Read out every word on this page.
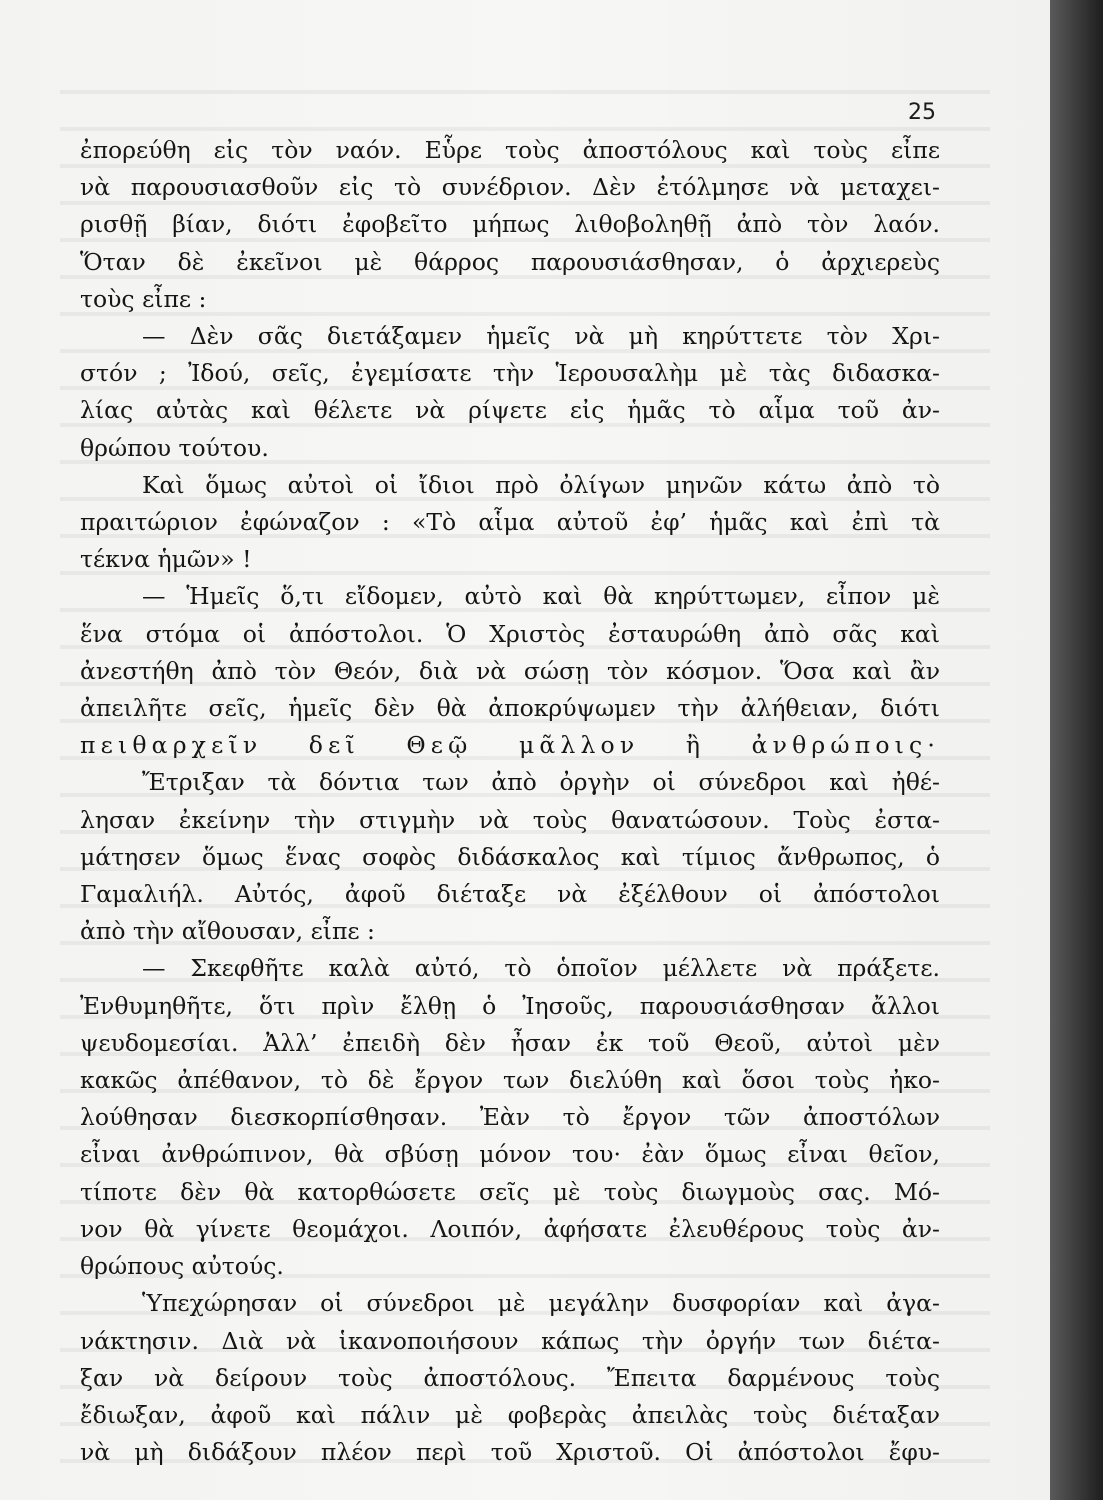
25
ἐπορεύθη εἰς τὸν ναόν. Εὗρε τοὺς ἀποστόλους καὶ τοὺς εἶπε
νὰ παρουσιασθοῦν εἰς τὸ συνέδριον. Δὲν ἐτόλμησε νὰ μεταχει-
ρισθῇ βίαν, διότι ἐφοβεῖτο μήπως λιθοβοληθῇ ἀπὸ τὸν λαόν.
Ὅταν δὲ ἐκεῖνοι μὲ θάρρος παρουσιάσθησαν, ὁ ἀρχιερεὺς
τοὺς εἶπε :
— Δὲν σᾶς διετάξαμεν ἡμεῖς νὰ μὴ κηρύττετε τὸν Χρι-
στόν ; Ἰδού, σεῖς, ἐγεμίσατε τὴν Ἱερουσαλὴμ μὲ τὰς διδασκα-
λίας αὐτὰς καὶ θέλετε νὰ ρίψετε εἰς ἡμᾶς τὸ αἷμα τοῦ ἀν-
θρώπου τούτου.
Καὶ ὅμως αὐτοὶ οἱ ἴδιοι πρὸ ὀλίγων μηνῶν κάτω ἀπὸ τὸ
πραιτώριον ἐφώναζον : «Τὸ αἷμα αὐτοῦ ἐφ’ ἡμᾶς καὶ ἐπὶ τὰ
τέκνα ἡμῶν» !
— Ἡμεῖς ὅ,τι εἴδομεν, αὐτὸ καὶ θὰ κηρύττωμεν, εἶπον μὲ
ἕνα στόμα οἱ ἀπόστολοι. Ὁ Χριστὸς ἐσταυρώθη ἀπὸ σᾶς καὶ
ἀνεστήθη ἀπὸ τὸν Θεόν, διὰ νὰ σώσῃ τὸν κόσμον. Ὅσα καὶ ἂν
ἀπειλῆτε σεῖς, ἡμεῖς δὲν θὰ ἀποκρύψωμεν τὴν ἀλήθειαν, διότι
πειθαρχεῖν δεῖ Θεῷ μᾶλλον ἢ ἀνθρώποις·
Ἔτριξαν τὰ δόντια των ἀπὸ ὀργὴν οἱ σύνεδροι καὶ ἠθέ-
λησαν ἐκείνην τὴν στιγμὴν νὰ τοὺς θανατώσουν. Τοὺς ἐστα-
μάτησεν ὅμως ἕνας σοφὸς διδάσκαλος καὶ τίμιος ἄνθρωπος, ὁ
Γαμαλιήλ. Αὐτός, ἀφοῦ διέταξε νὰ ἐξέλθουν οἱ ἀπόστολοι
ἀπὸ τὴν αἴθουσαν, εἶπε :
— Σκεφθῆτε καλὰ αὐτό, τὸ ὁποῖον μέλλετε νὰ πράξετε.
Ἐνθυμηθῆτε, ὅτι πρὶν ἔλθῃ ὁ Ἰησοῦς, παρουσιάσθησαν ἄλλοι
ψευδομεσίαι. Ἀλλ’ ἐπειδὴ δὲν ἦσαν ἐκ τοῦ Θεοῦ, αὐτοὶ μὲν
κακῶς ἀπέθανον, τὸ δὲ ἔργον των διελύθη καὶ ὅσοι τοὺς ἠκο-
λούθησαν διεσκορπίσθησαν. Ἐὰν τὸ ἔργον τῶν ἀποστόλων
εἶναι ἀνθρώπινον, θὰ σβύσῃ μόνον του· ἐὰν ὅμως εἶναι θεῖον,
τίποτε δὲν θὰ κατορθώσετε σεῖς μὲ τοὺς διωγμοὺς σας. Μό-
νον θὰ γίνετε θεομάχοι. Λοιπόν, ἀφήσατε ἐλευθέρους τοὺς ἀν-
θρώπους αὐτούς.
Ὑπεχώρησαν οἱ σύνεδροι μὲ μεγάλην δυσφορίαν καὶ ἀγα-
νάκτησιν. Διὰ νὰ ἱκανοποιήσουν κάπως τὴν ὀργήν των διέτα-
ξαν νὰ δείρουν τοὺς ἀποστόλους. Ἔπειτα δαρμένους τοὺς
ἔδιωξαν, ἀφοῦ καὶ πάλιν μὲ φοβερὰς ἀπειλὰς τοὺς διέταξαν
νὰ μὴ διδάξουν πλέον περὶ τοῦ Χριστοῦ. Οἱ ἀπόστολοι ἔφυ-
